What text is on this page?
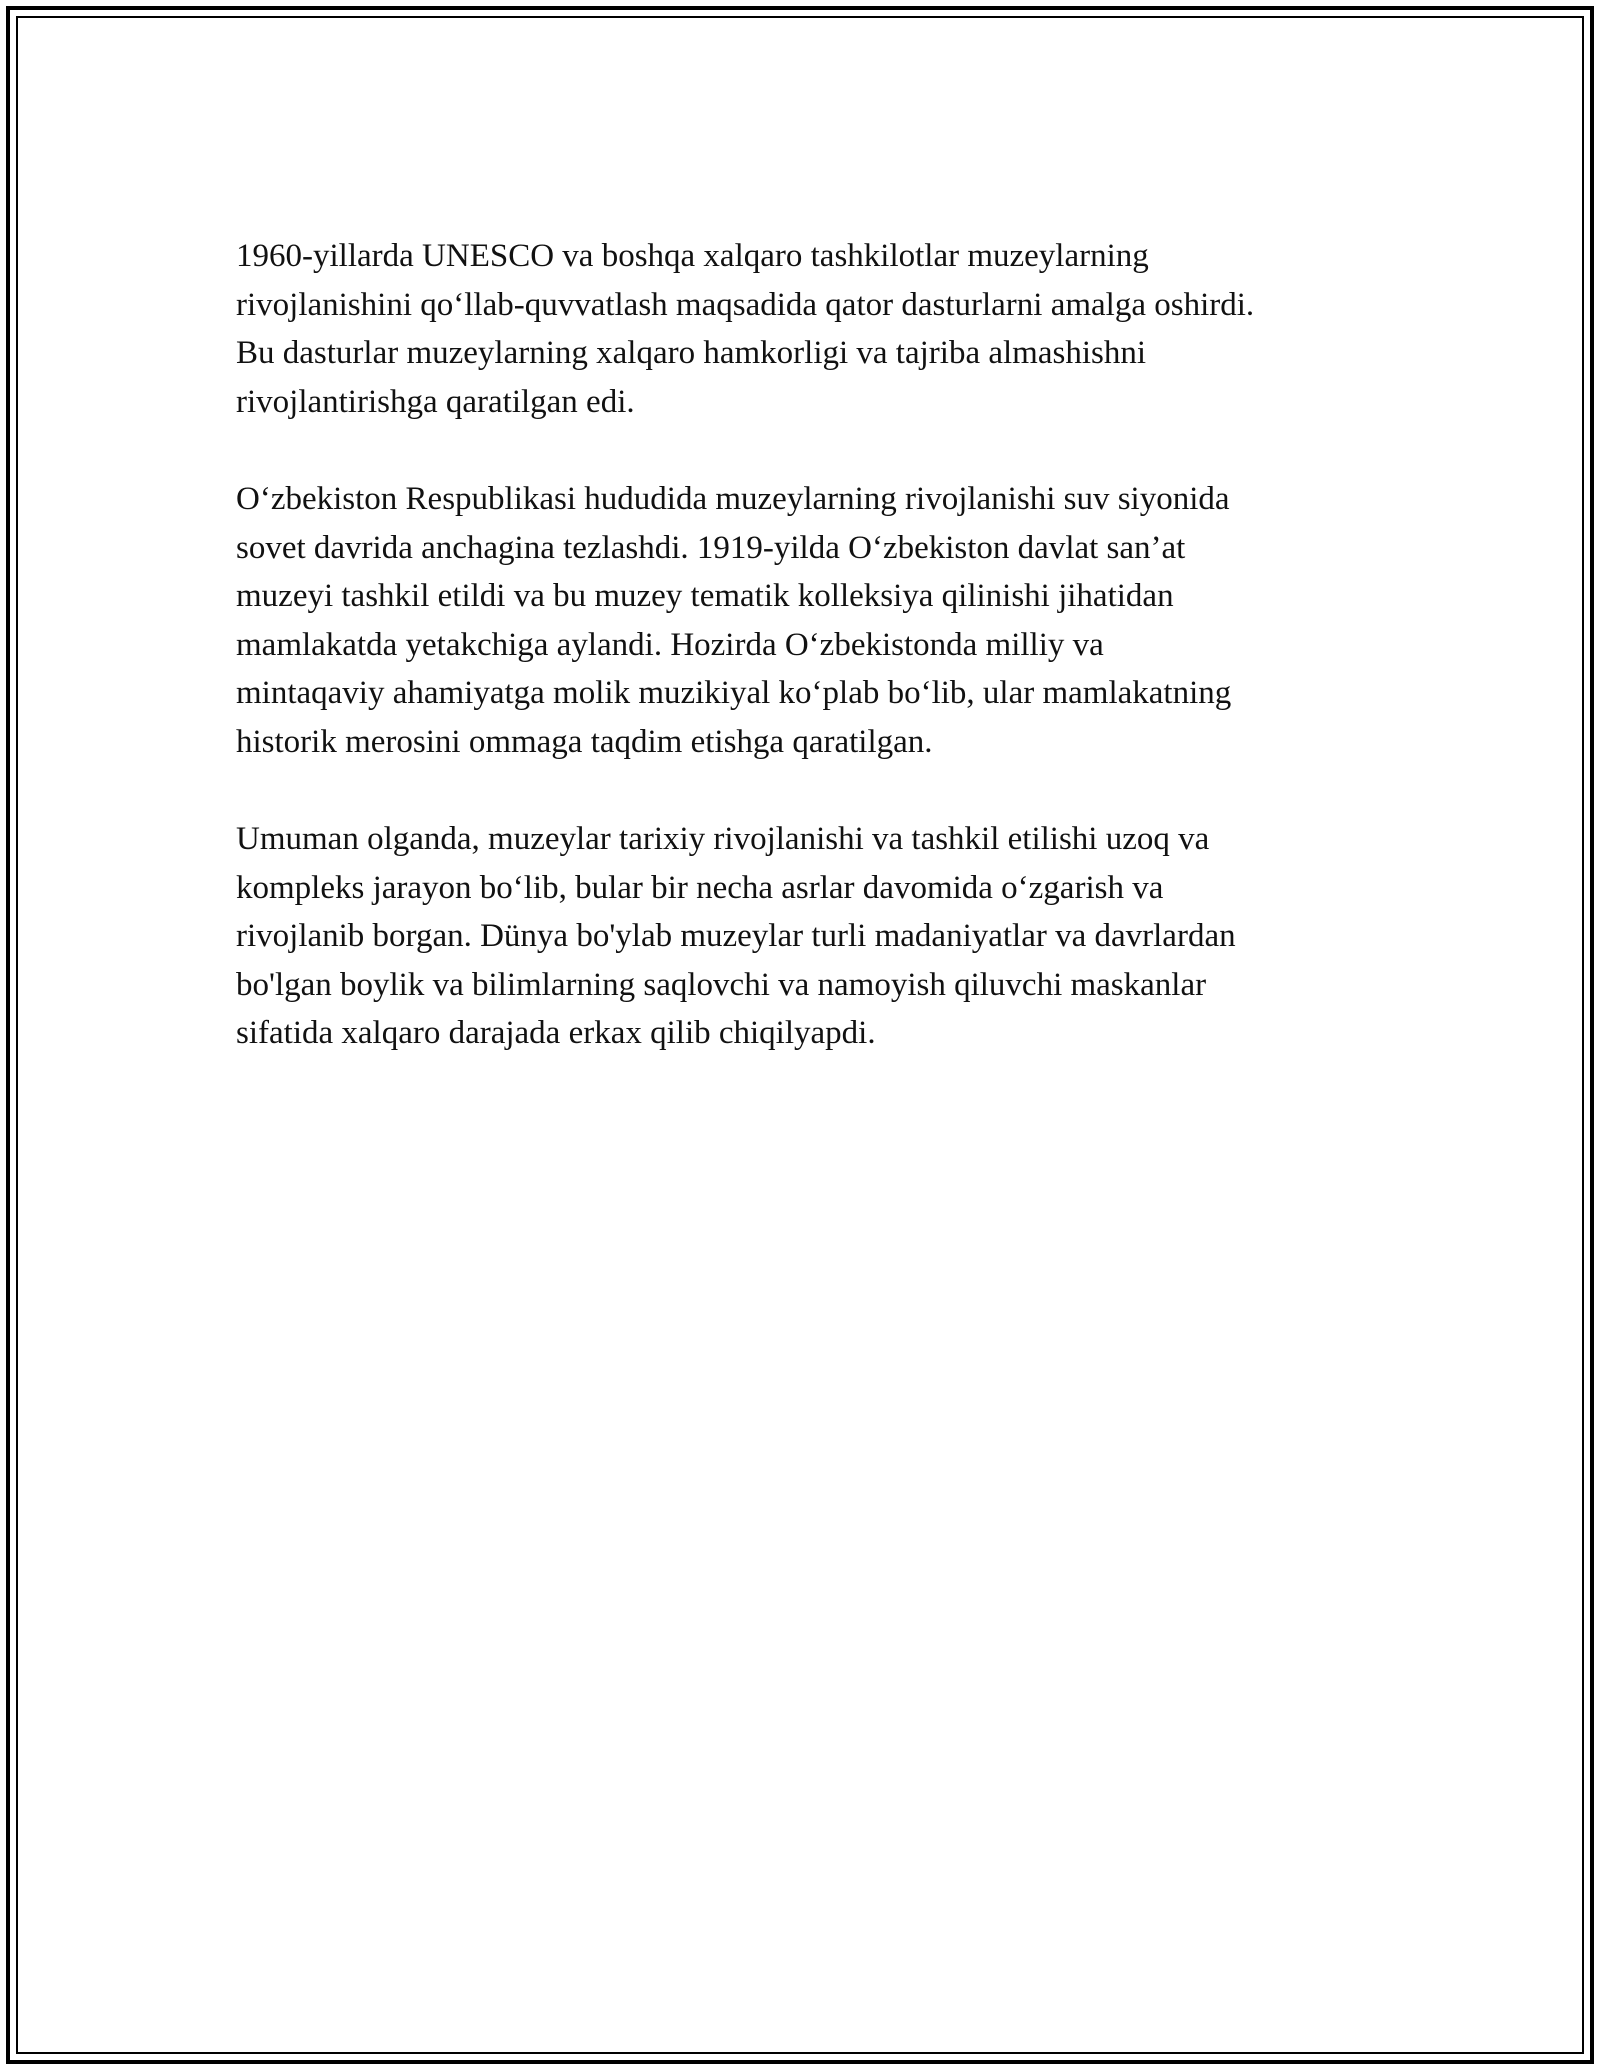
1960-yillarda UNESCO va boshqa xalqaro tashkilotlar muzeylarning
rivojlanishini qo‘llab-quvvatlash maqsadida qator dasturlarni amalga oshirdi.
Bu dasturlar muzeylarning xalqaro hamkorligi va tajriba almashishni
rivojlantirishga qaratilgan edi.

O‘zbekiston Respublikasi hududida muzeylarning rivojlanishi suv siyonida
sovet davrida anchagina tezlashdi. 1919-yilda O‘zbekiston davlat san’at
muzeyi tashkil etildi va bu muzey tematik kolleksiya qilinishi jihatidan
mamlakatda yetakchiga aylandi. Hozirda O‘zbekistonda milliy va
mintaqaviy ahamiyatga molik muzikiyal ko‘plab bo‘lib, ular mamlakatning
historik merosini ommaga taqdim etishga qaratilgan.

Umuman olganda, muzeylar tarixiy rivojlanishi va tashkil etilishi uzoq va
kompleks jarayon bo‘lib, bular bir necha asrlar davomida o‘zgarish va
rivojlanib borgan. Dünya bo'ylab muzeylar turli madaniyatlar va davrlardan
bo'lgan boylik va bilimlarning saqlovchi va namoyish qiluvchi maskanlar
sifatida xalqaro darajada erkax qilib chiqilyapdi.
